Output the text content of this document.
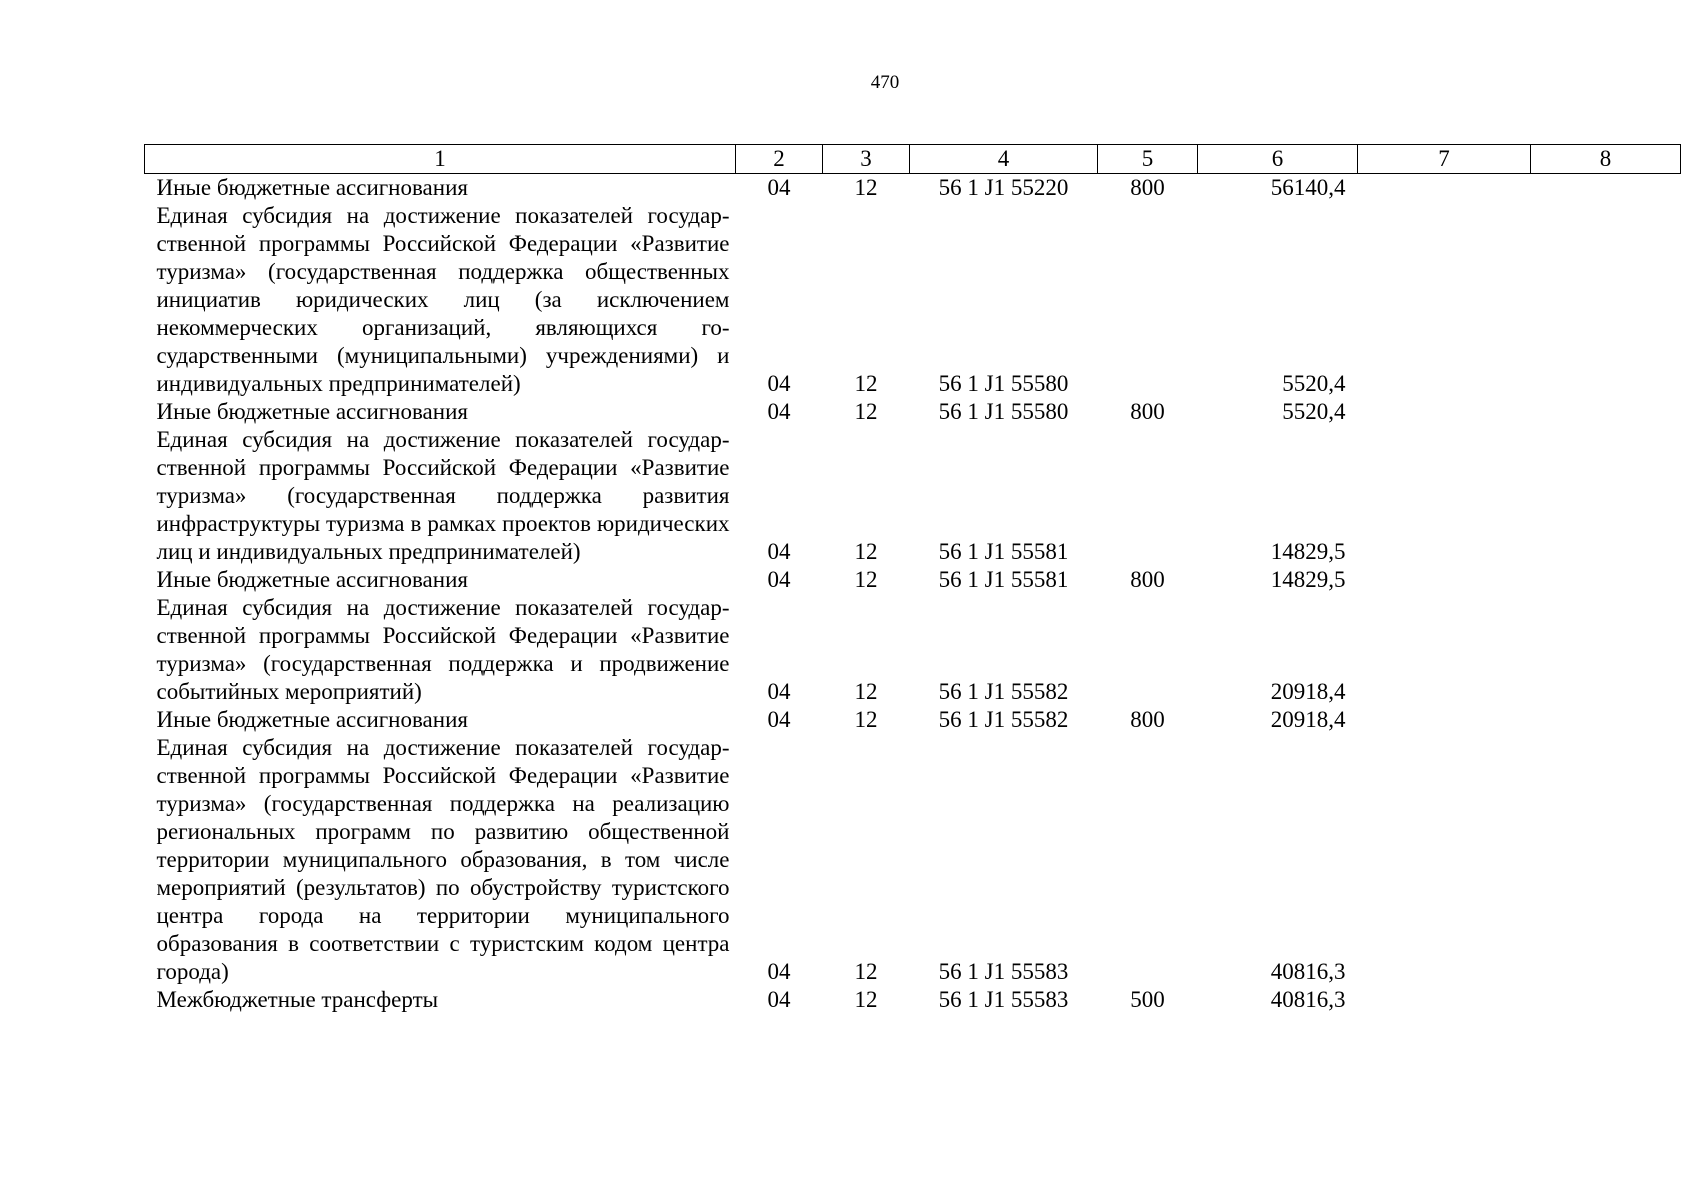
470
1	2	3	4	5	6	7	8
Иные бюджетные ассигнования	04	12	56 1 J1 55220	800	56140,4		
Единая субсидия на достижение показателей государственной программы Российской Федерации «Развитие туризма» (государственная поддержка общественных инициатив юридических лиц (за исключением некоммерческих организаций, являющихся государственными (муниципальными) учреждениями) и индивидуальных предпринимателей)	04	12	56 1 J1 55580		5520,4		
Иные бюджетные ассигнования	04	12	56 1 J1 55580	800	5520,4		
Единая субсидия на достижение показателей государственной программы Российской Федерации «Развитие туризма» (государственная поддержка развития инфраструктуры туризма в рамках проектов юридических лиц и индивидуальных предпринимателей)	04	12	56 1 J1 55581		14829,5		
Иные бюджетные ассигнования	04	12	56 1 J1 55581	800	14829,5		
Единая субсидия на достижение показателей государственной программы Российской Федерации «Развитие туризма» (государственная поддержка и продвижение событийных мероприятий)	04	12	56 1 J1 55582		20918,4		
Иные бюджетные ассигнования	04	12	56 1 J1 55582	800	20918,4		
Единая субсидия на достижение показателей государственной программы Российской Федерации «Развитие туризма» (государственная поддержка на реализацию региональных программ по развитию общественной территории муниципального образования, в том числе мероприятий (результатов) по обустройству туристского центра города на территории муниципального образования в соответствии с туристским кодом центра города)	04	12	56 1 J1 55583		40816,3		
Межбюджетные трансферты	04	12	56 1 J1 55583	500	40816,3		
